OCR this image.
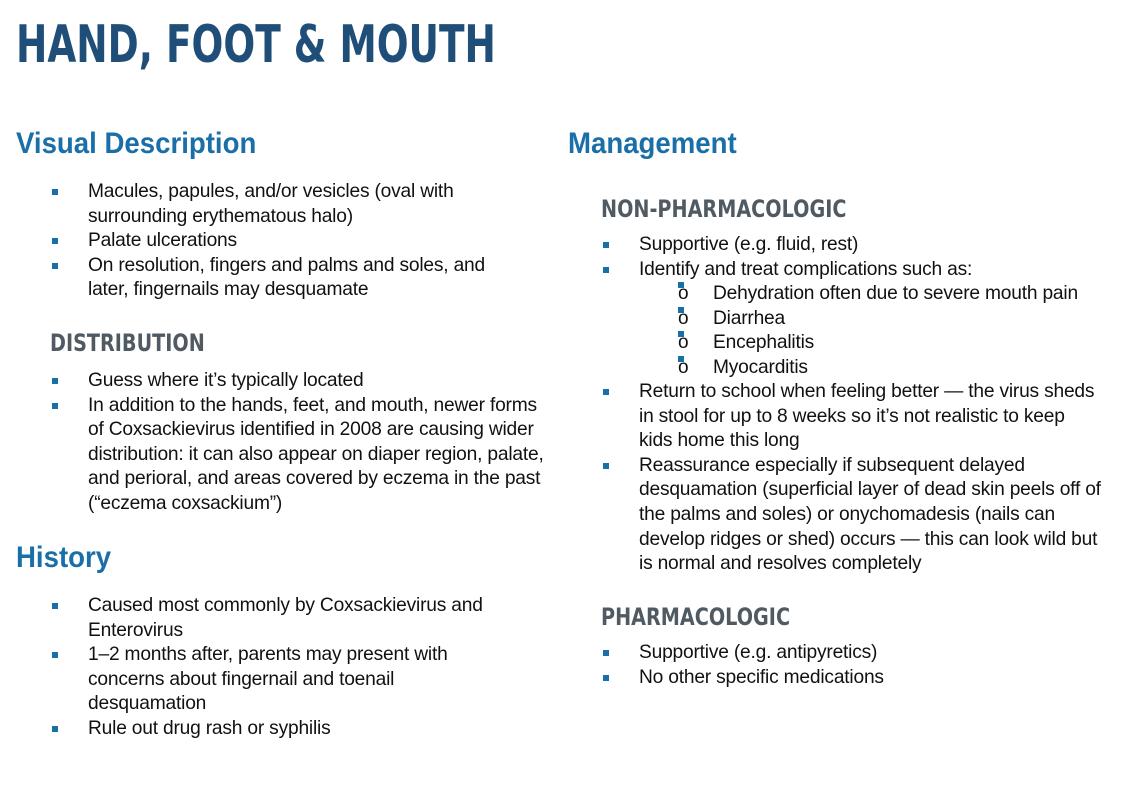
HAND, FOOT & MOUTH
Visual Description
Macules, papules, and/or vesicles (oval with surrounding erythematous halo)
Palate ulcerations
On resolution, fingers and palms and soles, and later, fingernails may desquamate
DISTRIBUTION
Guess where it’s typically located
In addition to the hands, feet, and mouth, newer forms of Coxsackievirus identified in 2008 are causing wider distribution: it can also appear on diaper region, palate, and perioral, and areas covered by eczema in the past (“eczema coxsackium”)
History
Caused most commonly by Coxsackievirus and Enterovirus
1–2 months after, parents may present with concerns about fingernail and toenail desquamation
Rule out drug rash or syphilis
Management
NON-PHARMACOLOGIC
Supportive (e.g. fluid, rest)
Identify and treat complications such as:
o Dehydration often due to severe mouth pain
o Diarrhea
o Encephalitis
o Myocarditis
Return to school when feeling better — the virus sheds in stool for up to 8 weeks so it’s not realistic to keep kids home this long
Reassurance especially if subsequent delayed desquamation (superficial layer of dead skin peels off of the palms and soles) or onychomadesis (nails can develop ridges or shed) occurs — this can look wild but is normal and resolves completely
PHARMACOLOGIC
Supportive (e.g. antipyretics)
No other specific medications
